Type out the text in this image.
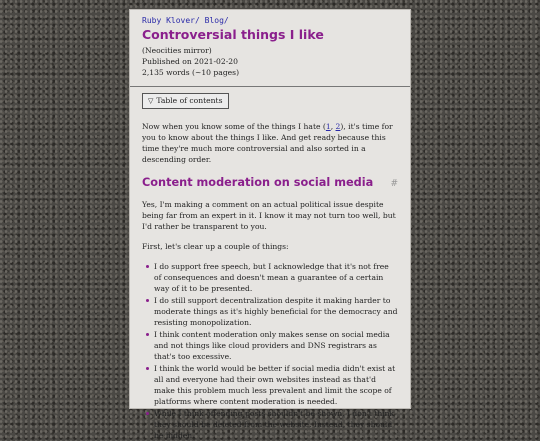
Ruby Klover/ Blog/
Controversial things I like
(Neocities mirror)
Published on 2021-02-20
2,135 words (~10 pages)
▽ Table of contents

Now when you know some of the things I hate (1, 2), it's time for you to know about the things I like. And get ready because this time they're much more controversial and also sorted in a descending order.

Content moderation on social media #

Yes, I'm making a comment on an actual political issue despite being far from an expert in it. I know it may not turn too well, but I'd rather be transparent to you.

First, let's clear up a couple of things:

I do support free speech, but I acknowledge that it's not free of consequences and doesn't mean a guarantee of a certain way of it to be presented.
I do still support decentralization despite it making harder to moderate things as it's highly beneficial for the democracy and resisting monopolization.
I think content moderation only makes sense on social media and not things like cloud providers and DNS registrars as that's too excessive.
I think the world would be better if social media didn't exist at all and everyone had their own websites instead as that'd make this problem much less prevalent and limit the scope of platforms where content moderation is needed.
While I think offending posts shouldn't be shown, I don't think they should be deleted from the website. Instead, they should be hidden.
